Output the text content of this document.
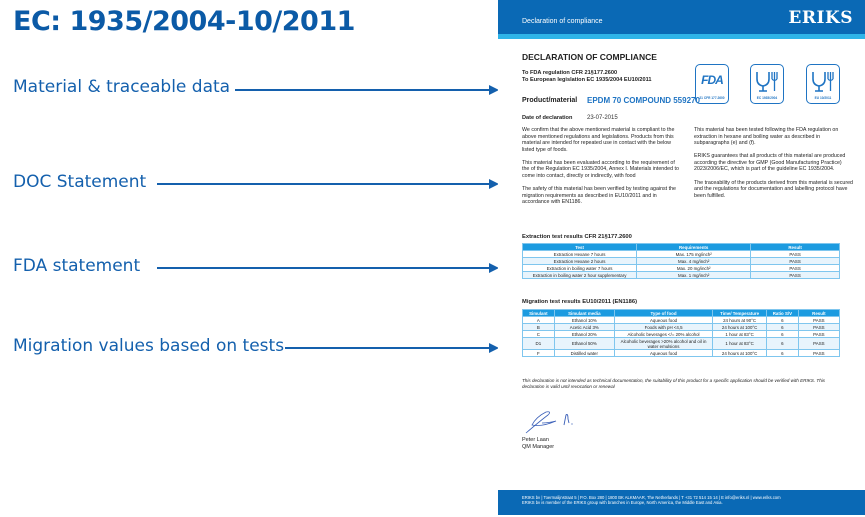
EC: 1935/2004-10/2011
Material & traceable data
DOC Statement
FDA statement
Migration values based on tests
Declaration of compliance	ERIKS
DECLARATION OF COMPLIANCE
To FDA regulation CFR 21§177.2600
To European legislation EC 1935/2004 EU10/2011
Product/material EPDM 70 COMPOUND 559270
Date of declaration 23-07-2015
FDA
21 CFR 177.2600	EC 1935/2004	EU 10/2011

We confirm that the above mentioned material is compliant to the above mentioned regulations and legislations. Products from this material are intended for repeated use in contact with the below listed type of foods.

This material has been evaluated according to the requirement of the of the Regulation EC 1935/2004, Annex I. Materials intended to come into contact, directly or indirectly, with food

The safety of this material has been verified by testing against the migration requirements as described in EU10/2011 and in accordance with EN1186.

This material has been tested following the FDA regulation on extraction in hexane and boiling water as described in subparagraphs (e) and (f).

ERIKS guarantees that all products of this material are produced according the directive for GMP (Good Manufacturing Practice) 2023/2006/EC, which is part of the guideline EC 1935/2004.

The traceability of the products derived from this material is secured and the regulations for documentation and labelling protocol have been fulfilled.

Extraction test results CFR 21§177.2600
Test	Requirements	Result
Extraction Hexane 7 hours	Max. 175 mg/inch²	PASS
Extraction Hexane 2 hours	Max. 4 mg/inch²	PASS
Extraction in boiling water 7 hours	Max. 20 mg/inch²	PASS
Extraction in boiling water 2 hour supplementary	Max. 1 mg/inch²	PASS
Migration test results EU10/2011 (EN1186)
Simulant	Simulant media	Type of food	Time/ Temperature	Ratio S/V	Result
A	Ethanol 10%	Aqueous food	24 hours at 90°C	6	PASS
B	Acetic Acid 3%	Foods with pH <4,5	24 hours at 100°C	6	PASS
C	Ethanol 20%	Alcoholic beverages </= 20% alcohol	1 hour at 83°C	6	PASS
D1	Ethanol 50%	Alcoholic beverages >20% alcohol and oil in water emulsions	1 hour at 83°C	6	PASS
F	Distilled water	Aqueous food	24 hours at 100°C	6	PASS
This declaration is not intended as technical documentation, the suitability of this product for a specific application should be verified with ERIKS. This declaration is valid until revocation or renewal
Peter Laan
QM Manager
ERIKS bv | Toermalijnstraat 5 | P.O. Box 280 | 1800 BK ALKMAAR, The Netherlands | T +31 72 514 15 14 | E info@eriks.nl | www.eriks.com
ERIKS bv is member of the ERIKS group with branches in Europe, North America, the Middle East and Asia.
